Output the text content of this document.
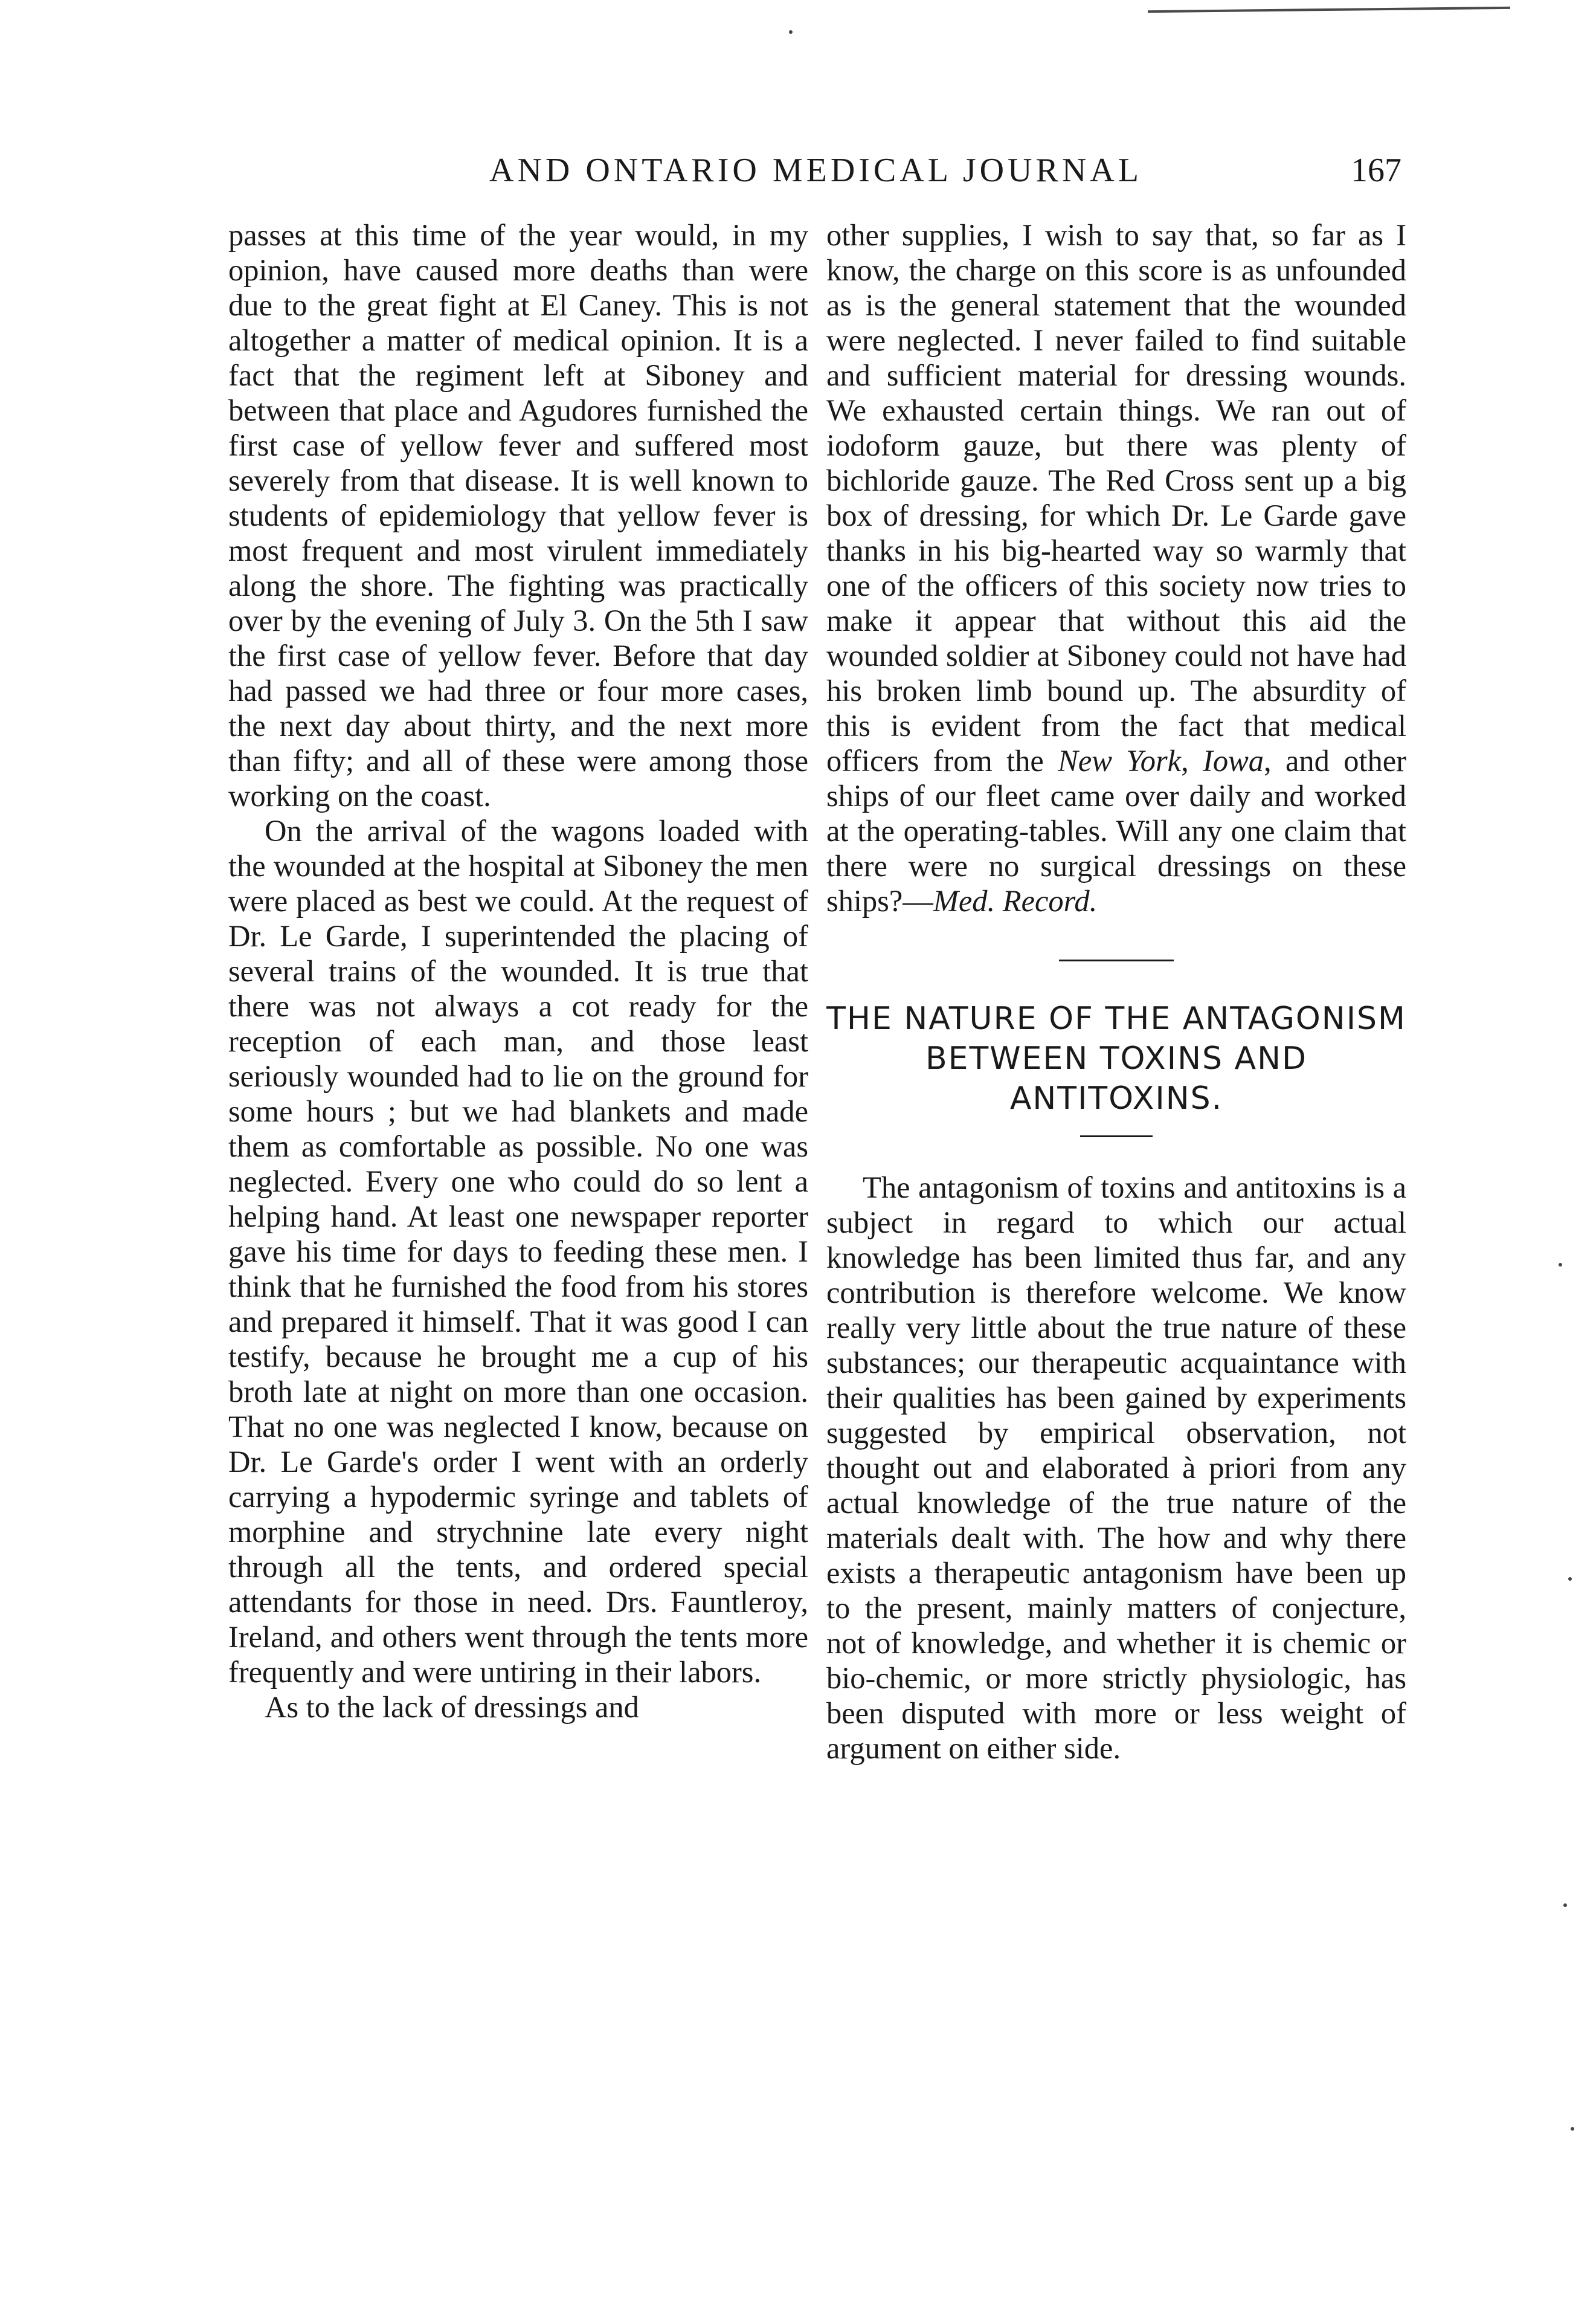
AND ONTARIO MEDICAL JOURNAL	167

passes at this time of the year would, in my opinion, have caused more deaths than were due to the great fight at El Caney. This is not altogether a matter of medical opinion. It is a fact that the regiment left at Siboney and between that place and Agudores furnished the first case of yellow fever and suffered most severely from that disease. It is well known to students of epidemiology that yellow fever is most frequent and most virulent immediately along the shore. The fighting was practically over by the evening of July 3. On the 5th I saw the first case of yellow fever. Before that day had passed we had three or four more cases, the next day about thirty, and the next more than fifty; and all of these were among those working on the coast.

On the arrival of the wagons loaded with the wounded at the hospital at Siboney the men were placed as best we could. At the request of Dr. Le Garde, I superintended the placing of several trains of the wounded. It is true that there was not always a cot ready for the reception of each man, and those least seriously wounded had to lie on the ground for some hours ; but we had blankets and made them as comfortable as possible. No one was neglected. Every one who could do so lent a helping hand. At least one newspaper reporter gave his time for days to feeding these men. I think that he furnished the food from his stores and prepared it himself. That it was good I can testify, because he brought me a cup of his broth late at night on more than one occasion. That no one was neglected I know, because on Dr. Le Garde's order I went with an orderly carrying a hypodermic syringe and tablets of morphine and strychnine late every night through all the tents, and ordered special attendants for those in need. Drs. Fauntleroy, Ireland, and others went through the tents more frequently and were untiring in their labors.

As to the lack of dressings and

other supplies, I wish to say that, so far as I know, the charge on this score is as unfounded as is the general statement that the wounded were neglected. I never failed to find suitable and sufficient material for dressing wounds. We exhausted certain things. We ran out of iodoform gauze, but there was plenty of bichloride gauze. The Red Cross sent up a big box of dressing, for which Dr. Le Garde gave thanks in his big-hearted way so warmly that one of the officers of this society now tries to make it appear that without this aid the wounded soldier at Siboney could not have had his broken limb bound up. The absurdity of this is evident from the fact that medical officers from the New York, Iowa, and other ships of our fleet came over daily and worked at the operating-tables. Will any one claim that there were no surgical dressings on these ships?—Med. Record.

THE NATURE OF THE ANTAGONISM BETWEEN TOXINS AND ANTITOXINS.

The antagonism of toxins and antitoxins is a subject in regard to which our actual knowledge has been limited thus far, and any contribution is therefore welcome. We know really very little about the true nature of these substances; our therapeutic acquaintance with their qualities has been gained by experiments suggested by empirical observation, not thought out and elaborated à priori from any actual knowledge of the true nature of the materials dealt with. The how and why there exists a therapeutic antagonism have been up to the present, mainly matters of conjecture, not of knowledge, and whether it is chemic or bio-chemic, or more strictly physiologic, has been disputed with more or less weight of argument on either side.
